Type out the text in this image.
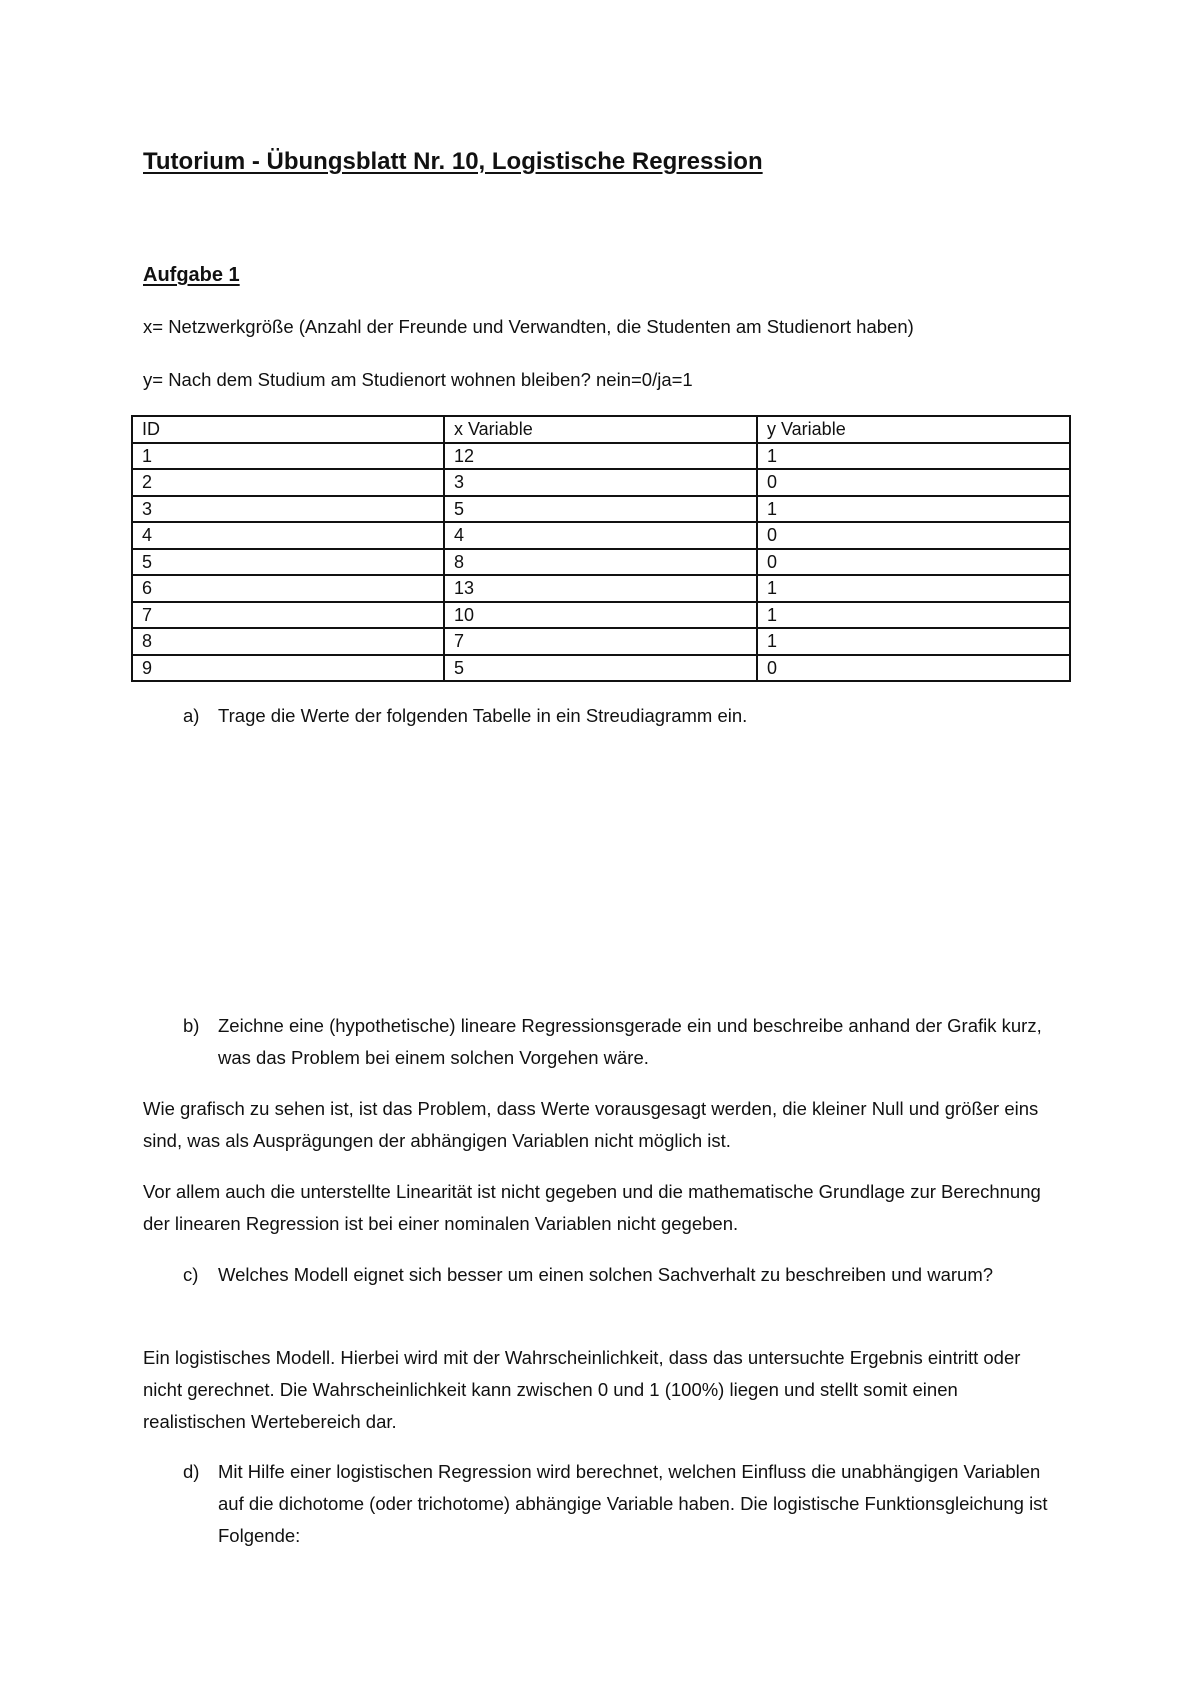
Tutorium - Übungsblatt Nr. 10, Logistische Regression
Aufgabe 1
x= Netzwerkgröße (Anzahl der Freunde und Verwandten, die Studenten am Studienort haben)
y= Nach dem Studium am Studienort wohnen bleiben? nein=0/ja=1
ID	x Variable	y Variable
1	12	1
2	3	0
3	5	1
4	4	0
5	8	0
6	13	1
7	10	1
8	7	1
9	5	0
a) Trage die Werte der folgenden Tabelle in ein Streudiagramm ein.
b) Zeichne eine (hypothetische) lineare Regressionsgerade ein und beschreibe anhand der Grafik kurz, was das Problem bei einem solchen Vorgehen wäre.
Wie grafisch zu sehen ist, ist das Problem, dass Werte vorausgesagt werden, die kleiner Null und größer eins sind, was als Ausprägungen der abhängigen Variablen nicht möglich ist.
Vor allem auch die unterstellte Linearität ist nicht gegeben und die mathematische Grundlage zur Berechnung der linearen Regression ist bei einer nominalen Variablen nicht gegeben.
c) Welches Modell eignet sich besser um einen solchen Sachverhalt zu beschreiben und warum?
Ein logistisches Modell. Hierbei wird mit der Wahrscheinlichkeit, dass das untersuchte Ergebnis eintritt oder nicht gerechnet. Die Wahrscheinlichkeit kann zwischen 0 und 1 (100%) liegen und stellt somit einen realistischen Wertebereich dar.
d) Mit Hilfe einer logistischen Regression wird berechnet, welchen Einfluss die unabhängigen Variablen auf die dichotome (oder trichotome) abhängige Variable haben. Die logistische Funktionsgleichung ist Folgende:
